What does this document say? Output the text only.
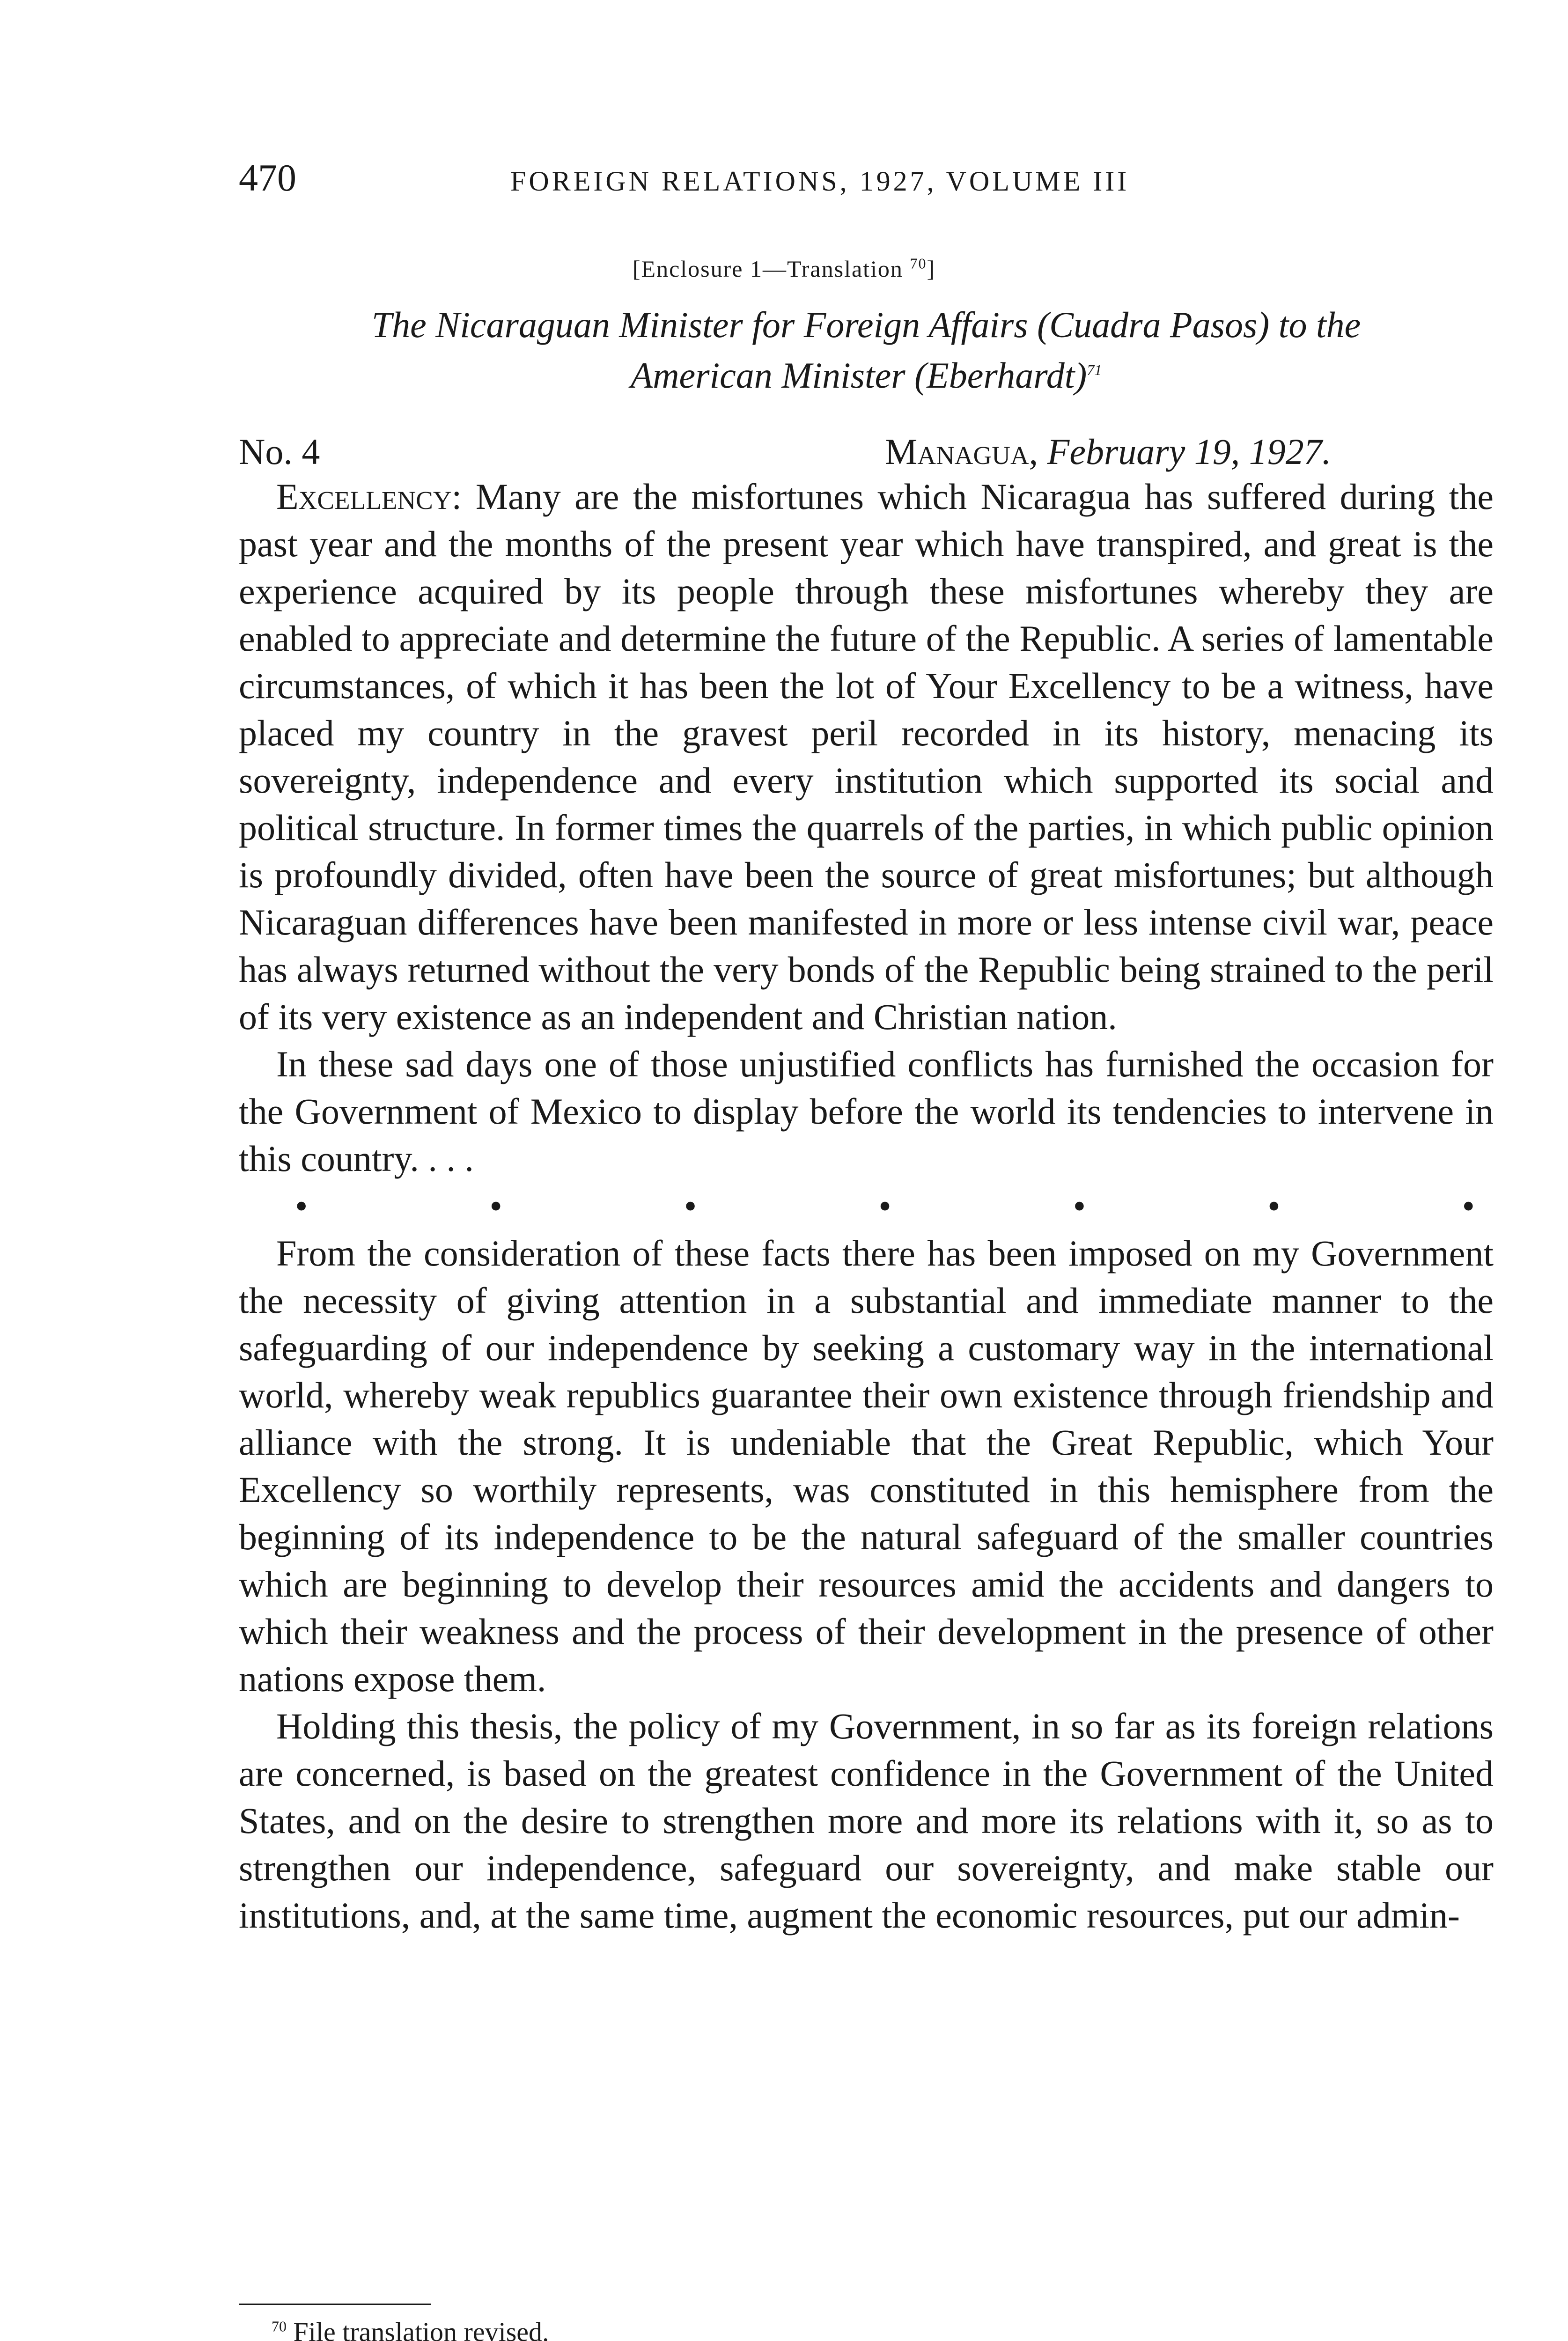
470	FOREIGN RELATIONS, 1927, VOLUME III
[Enclosure 1—Translation $^{70}$]
The Nicaraguan Minister for Foreign Affairs (Cuadra Pasos) to the
American Minister (Eberhardt)$^{71}$
No. 4	Managua, February 19, 1927.

Excellency: Many are the misfortunes which Nicaragua has suffered during the past year and the months of the present year which have transpired, and great is the experience acquired by its people through these misfortunes whereby they are enabled to appreciate and determine the future of the Republic. A series of lamentable circumstances, of which it has been the lot of Your Excellency to be a witness, have placed my country in the gravest peril recorded in its history, menacing its sovereignty, independence and every institution which supported its social and political structure. In former times the quarrels of the parties, in which public opinion is profoundly divided, often have been the source of great misfortunes; but although Nicaraguan differences have been manifested in more or less intense civil war, peace has always returned without the very bonds of the Republic being strained to the peril of its very existence as an independent and Christian nation.

In these sad days one of those unjustified conflicts has furnished the occasion for the Government of Mexico to display before the world its tendencies to intervene in this country. . . .

•	•	•	•	•	•	•

From the consideration of these facts there has been imposed on my Government the necessity of giving attention in a substantial and immediate manner to the safeguarding of our independence by seeking a customary way in the international world, whereby weak republics guarantee their own existence through friendship and alliance with the strong. It is undeniable that the Great Republic, which Your Excellency so worthily represents, was constituted in this hemisphere from the beginning of its independence to be the natural safeguard of the smaller countries which are beginning to develop their resources amid the accidents and dangers to which their weakness and the process of their development in the presence of other nations expose them.

Holding this thesis, the policy of my Government, in so far as its foreign relations are concerned, is based on the greatest confidence in the Government of the United States, and on the desire to strengthen more and more its relations with it, so as to strengthen our independence, safeguard our sovereignty, and make stable our institutions, and, at the same time, augment the economic resources, put our admin-

$^{70}$ File translation revised.
